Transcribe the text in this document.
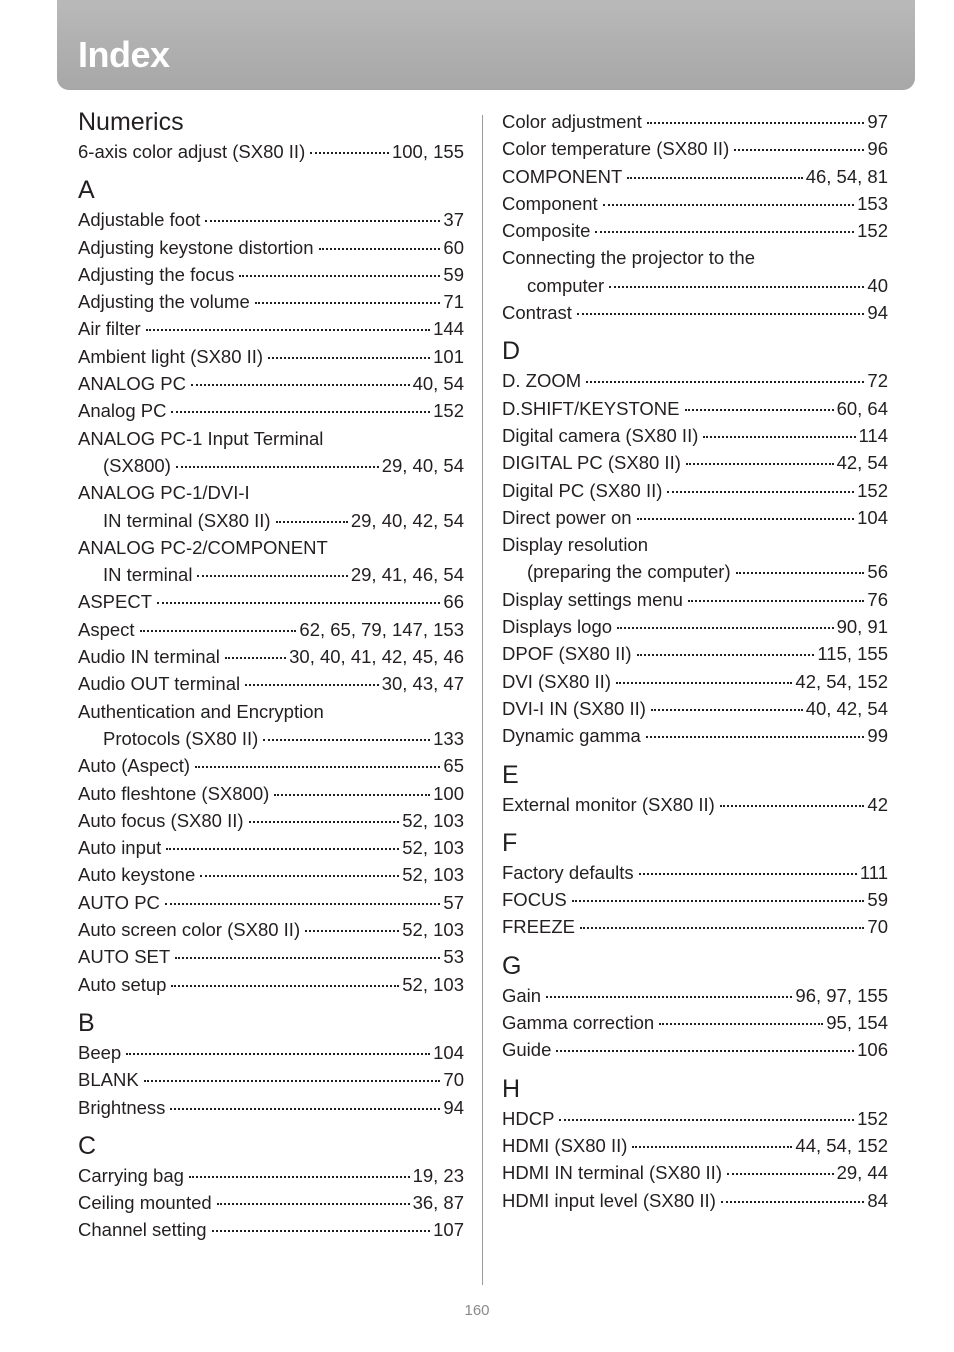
Index
Numerics
6-axis color adjust (SX80 II)	100, 155
A
Adjustable foot	37
Adjusting keystone distortion	60
Adjusting the focus	59
Adjusting the volume	71
Air filter	144
Ambient light (SX80 II)	101
ANALOG PC	40, 54
Analog PC	152
ANALOG PC-1 Input Terminal
(SX800)	29, 40, 54
ANALOG PC-1/DVI-I
IN terminal (SX80 II)	29, 40, 42, 54
ANALOG PC-2/COMPONENT
IN terminal	29, 41, 46, 54
ASPECT	66
Aspect	62, 65, 79, 147, 153
Audio IN terminal	30, 40, 41, 42, 45, 46
Audio OUT terminal	30, 43, 47
Authentication and Encryption
Protocols (SX80 II)	133
Auto (Aspect)	65
Auto fleshtone (SX800)	100
Auto focus (SX80 II)	52, 103
Auto input	52, 103
Auto keystone	52, 103
AUTO PC	57
Auto screen color (SX80 II)	52, 103
AUTO SET	53
Auto setup	52, 103
B
Beep	104
BLANK	70
Brightness	94
C
Carrying bag	19, 23
Ceiling mounted	36, 87
Channel setting	107
Color adjustment	97
Color temperature (SX80 II)	96
COMPONENT	46, 54, 81
Component	153
Composite	152
Connecting the projector to the
computer	40
Contrast	94
D
D. ZOOM	72
D.SHIFT/KEYSTONE	60, 64
Digital camera (SX80 II)	114
DIGITAL PC (SX80 II)	42, 54
Digital PC (SX80 II)	152
Direct power on	104
Display resolution
(preparing the computer)	56
Display settings menu	76
Displays logo	90, 91
DPOF (SX80 II)	115, 155
DVI (SX80 II)	42, 54, 152
DVI-I IN (SX80 II)	40, 42, 54
Dynamic gamma	99
E
External monitor (SX80 II)	42
F
Factory defaults	111
FOCUS	59
FREEZE	70
G
Gain	96, 97, 155
Gamma correction	95, 154
Guide	106
H
HDCP	152
HDMI (SX80 II)	44, 54, 152
HDMI IN terminal (SX80 II)	29, 44
HDMI input level (SX80 II)	84
160
